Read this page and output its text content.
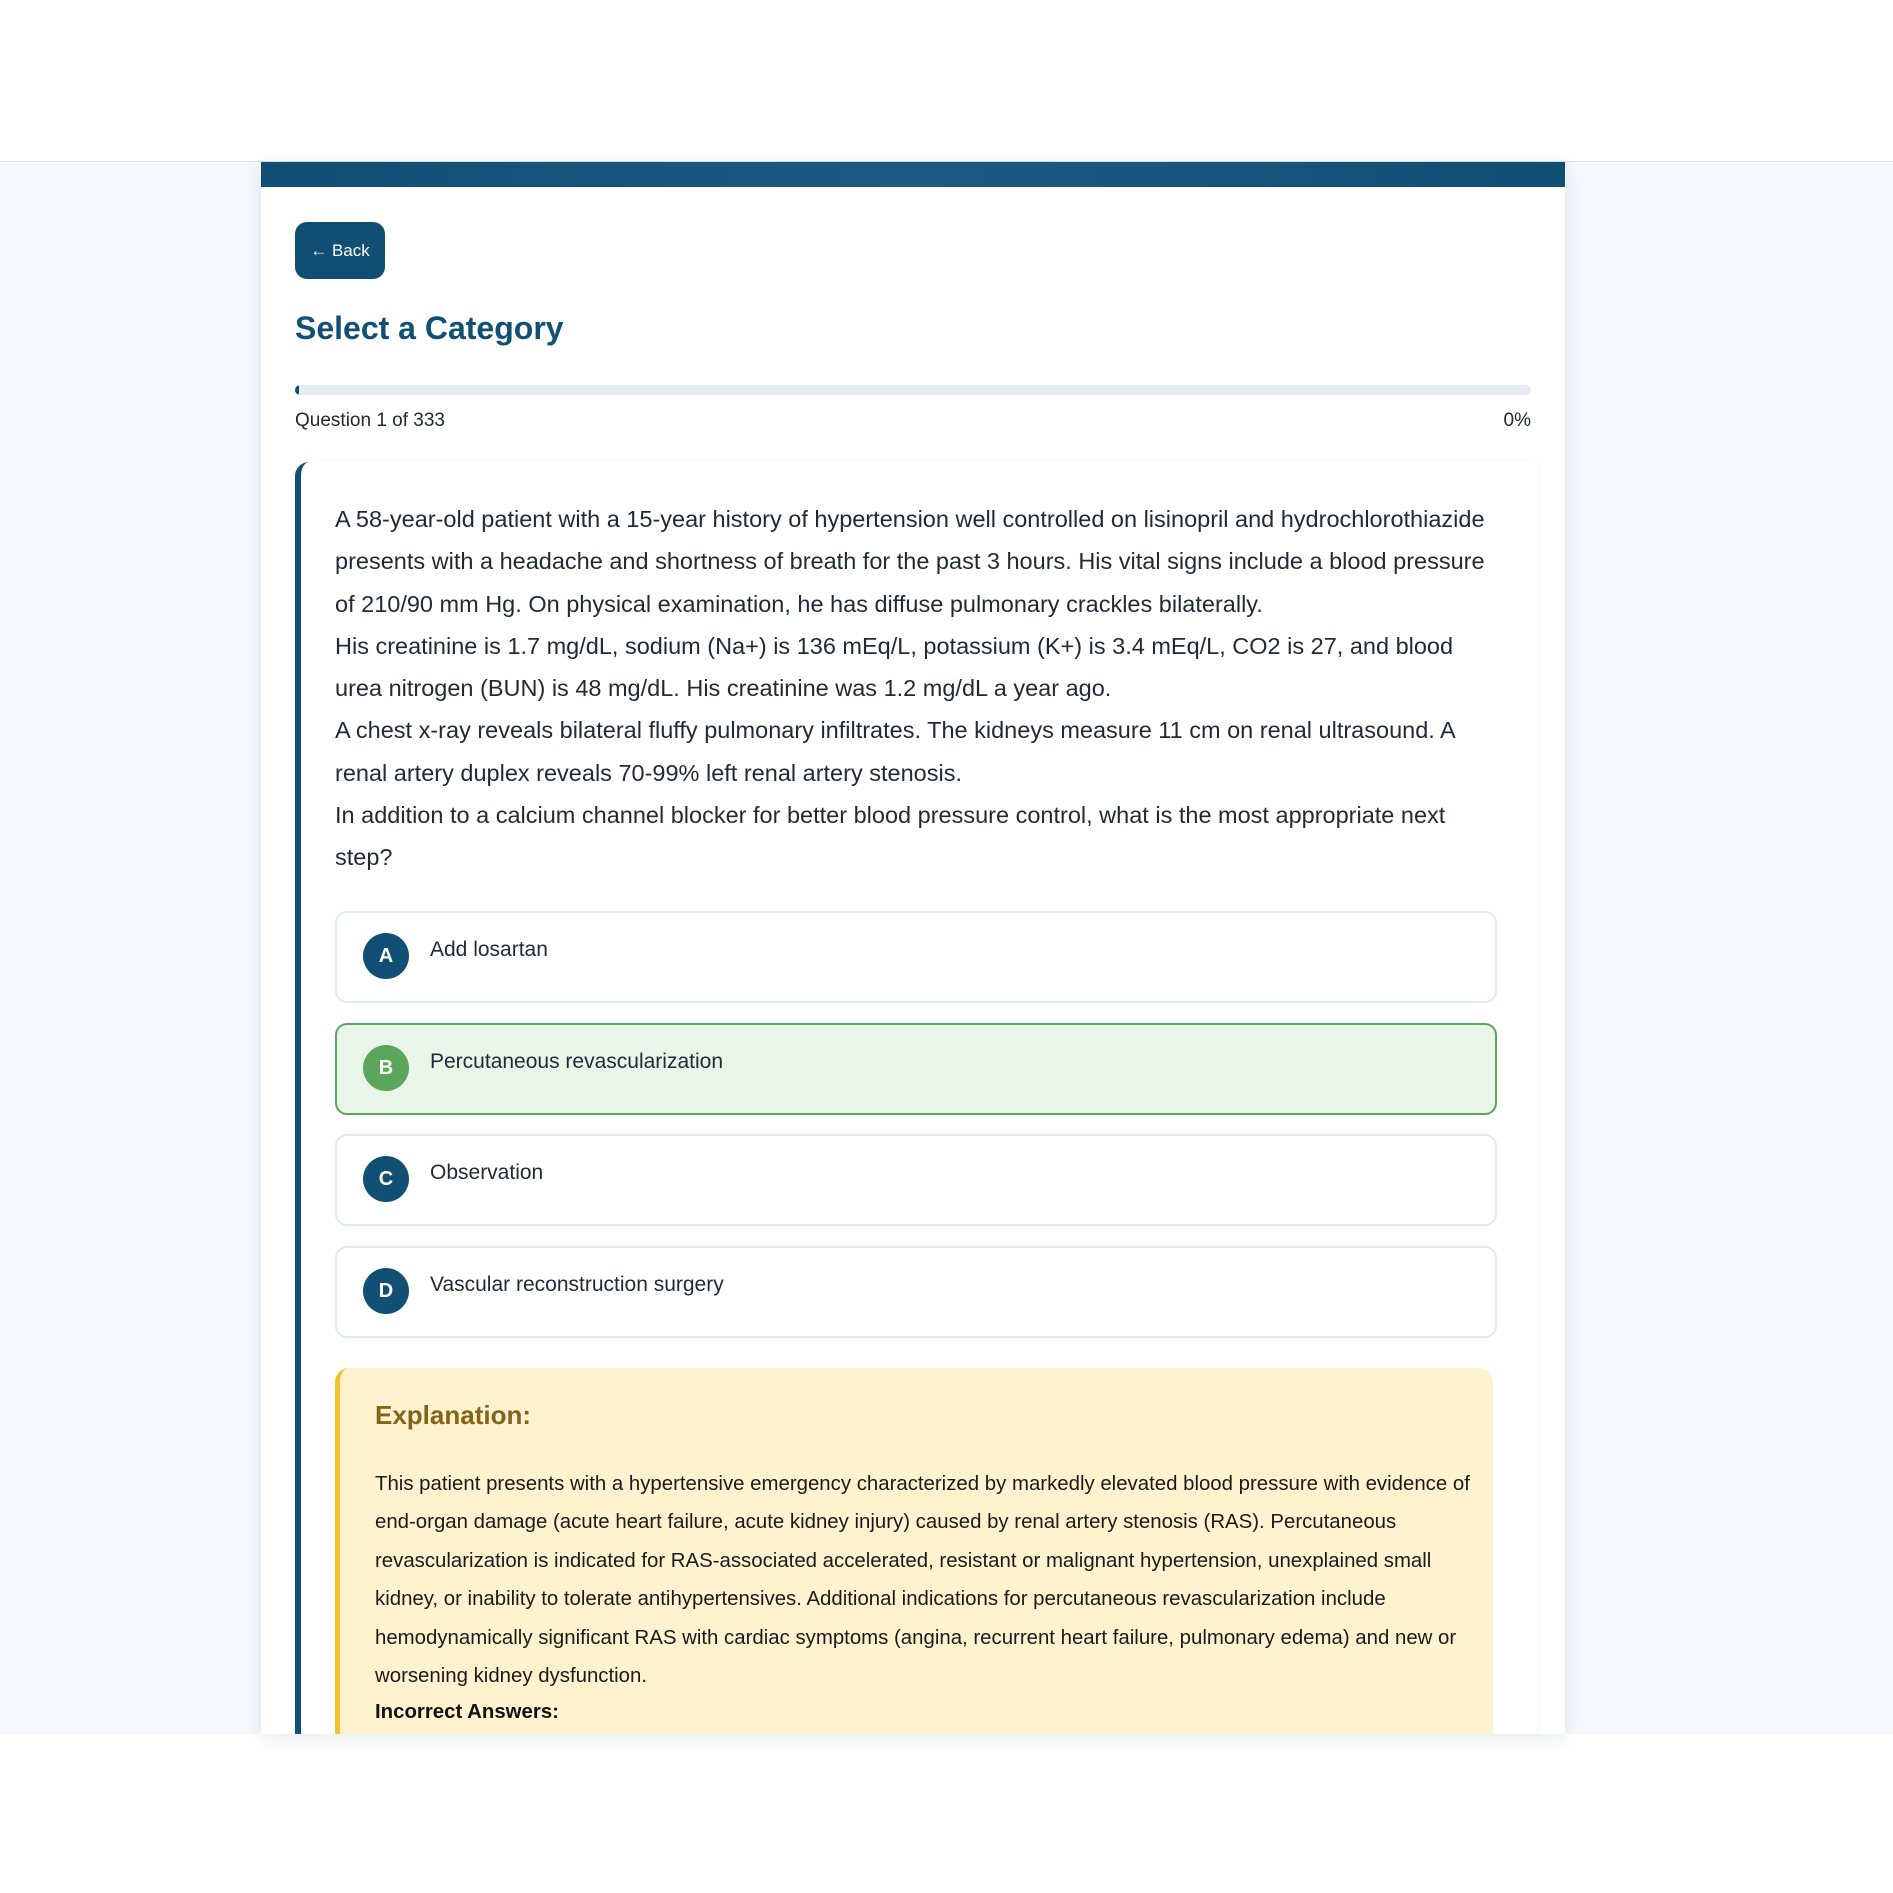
← Back
Select a Category
Question 1 of 333	0%

A 58-year-old patient with a 15-year history of hypertension well controlled on lisinopril and hydrochlorothiazide presents with a headache and shortness of breath for the past 3 hours. His vital signs include a blood pressure of 210/90 mm Hg. On physical examination, he has diffuse pulmonary crackles bilaterally.

His creatinine is 1.7 mg/dL, sodium (Na+) is 136 mEq/L, potassium (K+) is 3.4 mEq/L, CO2 is 27, and blood urea nitrogen (BUN) is 48 mg/dL. His creatinine was 1.2 mg/dL a year ago.

A chest x-ray reveals bilateral fluffy pulmonary infiltrates. The kidneys measure 11 cm on renal ultrasound. A renal artery duplex reveals 70-99% left renal artery stenosis.

In addition to a calcium channel blocker for better blood pressure control, what is the most appropriate next step?

A	Add losartan
B	Percutaneous revascularization
C	Observation
D	Vascular reconstruction surgery
Explanation:

This patient presents with a hypertensive emergency characterized by markedly elevated blood pressure with evidence of end-organ damage (acute heart failure, acute kidney injury) caused by renal artery stenosis (RAS). Percutaneous revascularization is indicated for RAS-associated accelerated, resistant or malignant hypertension, unexplained small kidney, or inability to tolerate antihypertensives. Additional indications for percutaneous revascularization include hemodynamically significant RAS with cardiac symptoms (angina, recurrent heart failure, pulmonary edema) and new or worsening kidney dysfunction.

Incorrect Answers:
